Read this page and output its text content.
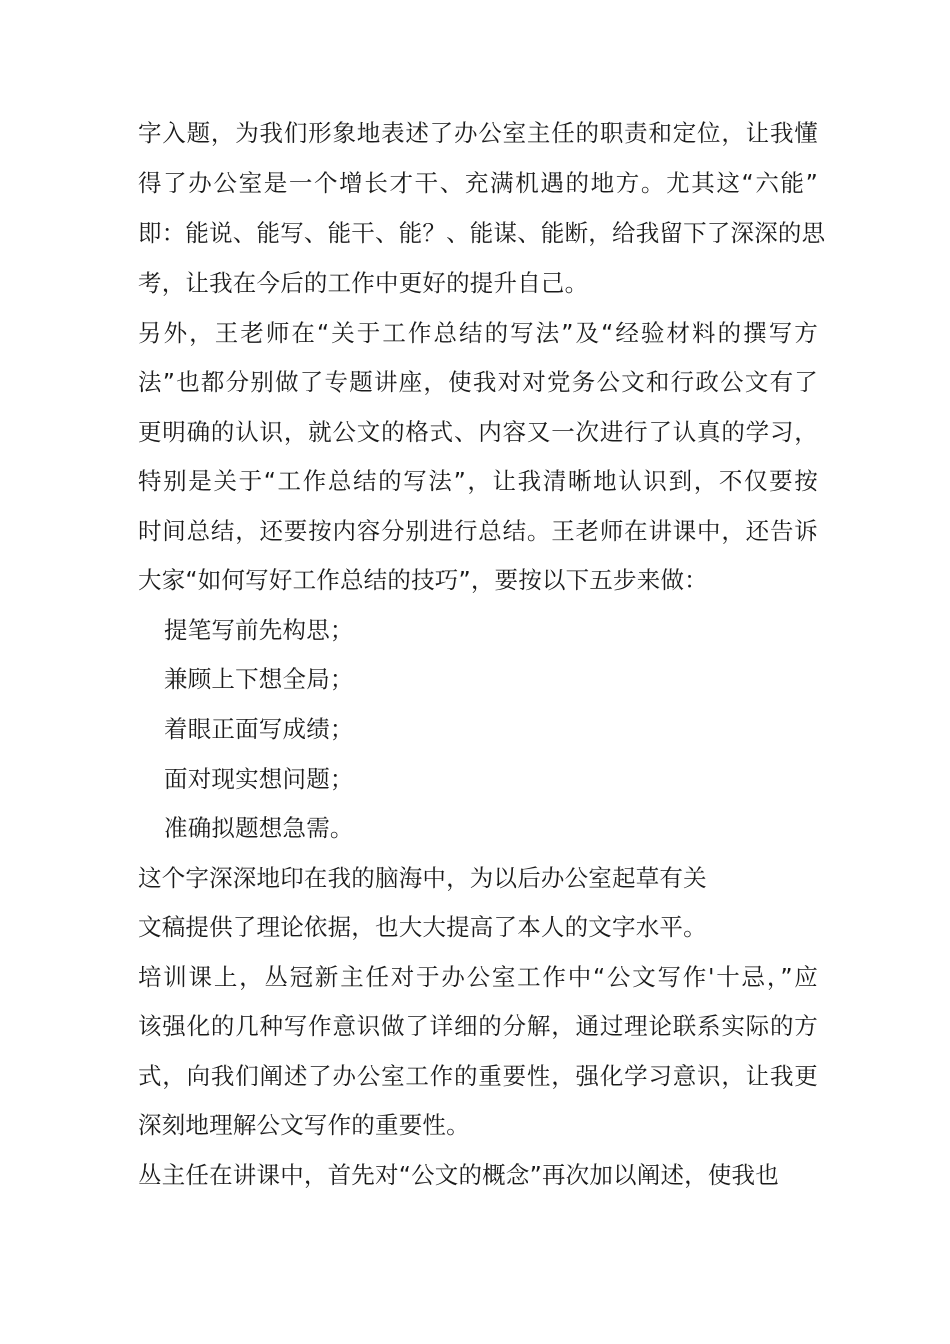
字入题，为我们形象地表述了办公室主任的职责和定位，让我懂
得了办公室是一个增长才干、充满机遇的地方。尤其这“六能”
即：能说、能写、能干、能？、能谋、能断，给我留下了深深的思
考，让我在今后的工作中更好的提升自己。
另外，王老师在“关于工作总结的写法”及“经验材料的撰写方
法”也都分别做了专题讲座，使我对对党务公文和行政公文有了
更明确的认识，就公文的格式、内容又一次进行了认真的学习，
特别是关于“工作总结的写法”，让我清晰地认识到，不仅要按
时间总结，还要按内容分别进行总结。王老师在讲课中，还告诉
大家“如何写好工作总结的技巧”，要按以下五步来做：
提笔写前先构思；
兼顾上下想全局；
着眼正面写成绩；
面对现实想问题；
准确拟题想急需。
这个字深深地印在我的脑海中，为以后办公室起草有关
文稿提供了理论依据，也大大提高了本人的文字水平。
培训课上，丛冠新主任对于办公室工作中“公文写作'十忌，”应
该强化的几种写作意识做了详细的分解，通过理论联系实际的方
式，向我们阐述了办公室工作的重要性，强化学习意识，让我更
深刻地理解公文写作的重要性。
丛主任在讲课中，首先对“公文的概念”再次加以阐述，使我也
